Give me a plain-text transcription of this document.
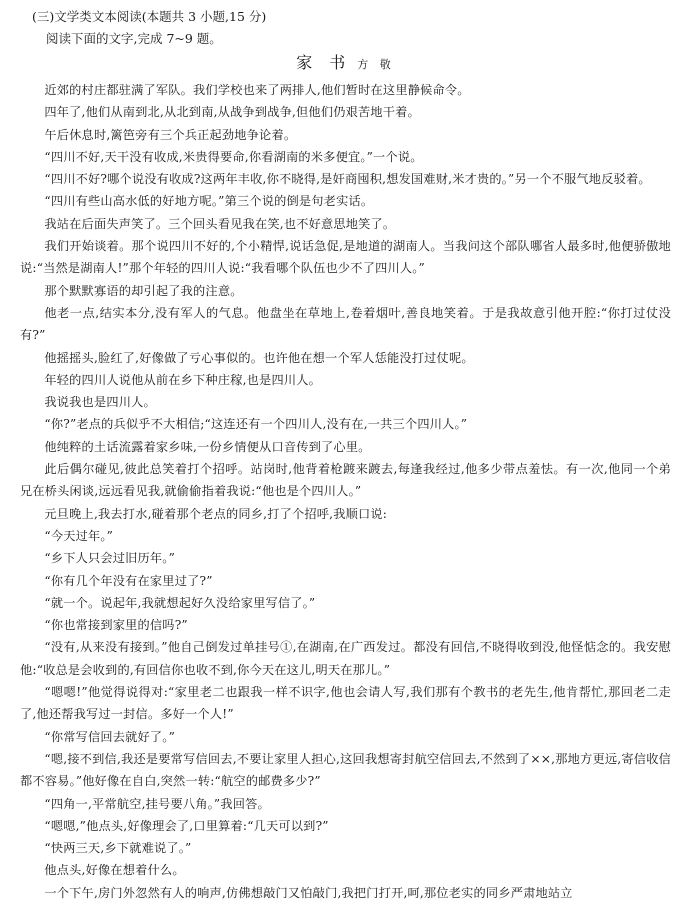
(三)文学类文本阅读(本题共 3 小题,15 分)
阅读下面的文字,完成 7~9 题。
家 书 方 敬

近郊的村庄都驻满了军队。我们学校也来了两排人,他们暂时在这里静候命令。

四年了,他们从南到北,从北到南,从战争到战争,但他们仍艰苦地干着。

午后休息时,篱笆旁有三个兵正起劲地争论着。

“四川不好,天干没有收成,米贵得要命,你看湖南的米多便宜。”一个说。

“四川不好?哪个说没有收成?这两年丰收,你不晓得,是奸商囤积,想发国难财,米才贵的。”另一个不服气地反驳着。

“四川有些山高水低的好地方呢。”第三个说的倒是句老实话。

我站在后面失声笑了。三个回头看见我在笑,也不好意思地笑了。

我们开始谈着。那个说四川不好的,个小精悍,说话急促,是地道的湖南人。当我问这个部队哪省人最多时,他便骄傲地说:“当然是湖南人!”那个年轻的四川人说:“我看哪个队伍也少不了四川人。”

那个默默寡语的却引起了我的注意。

他老一点,结实本分,没有军人的气息。他盘坐在草地上,卷着烟叶,善良地笑着。于是我故意引他开腔:“你打过仗没有?”

他摇摇头,脸红了,好像做了亏心事似的。也许他在想一个军人恁能没打过仗呢。

年轻的四川人说他从前在乡下种庄稼,也是四川人。

我说我也是四川人。

“你?”老点的兵似乎不大相信;“这连还有一个四川人,没有在,一共三个四川人。”

他纯粹的土话流露着家乡味,一份乡情便从口音传到了心里。

此后偶尔碰见,彼此总笑着打个招呼。站岗时,他背着枪踱来踱去,每逢我经过,他多少带点羞怯。有一次,他同一个弟兄在桥头闲谈,远远看见我,就偷偷指着我说:“他也是个四川人。”

元旦晚上,我去打水,碰着那个老点的同乡,打了个招呼,我顺口说:

“今天过年。”

“乡下人只会过旧历年。”

“你有几个年没有在家里过了?”

“就一个。说起年,我就想起好久没给家里写信了。”

“你也常接到家里的信吗?”

“没有,从来没有接到。”他自己倒发过单挂号①,在湖南,在广西发过。都没有回信,不晓得收到没,他怪惦念的。我安慰他:“收总是会收到的,有回信你也收不到,你今天在这儿,明天在那儿。”

“嗯嗯!”他觉得说得对:“家里老二也跟我一样不识字,他也会请人写,我们那有个教书的老先生,他肯帮忙,那回老二走了,他还帮我写过一封信。多好一个人!”

“你常写信回去就好了。”

“嗯,接不到信,我还是要常写信回去,不要让家里人担心,这回我想寄封航空信回去,不然到了××,那地方更远,寄信收信都不容易。”他好像在自白,突然一转:“航空的邮费多少?”

“四角一,平常航空,挂号要八角。”我回答。

“嗯嗯,”他点头,好像理会了,口里算着:“几天可以到?”

“快两三天,乡下就难说了。”

他点头,好像在想着什么。

一个下午,房门外忽然有人的响声,仿佛想敲门又怕敲门,我把门打开,呵,那位老实的同乡严肃地站立
